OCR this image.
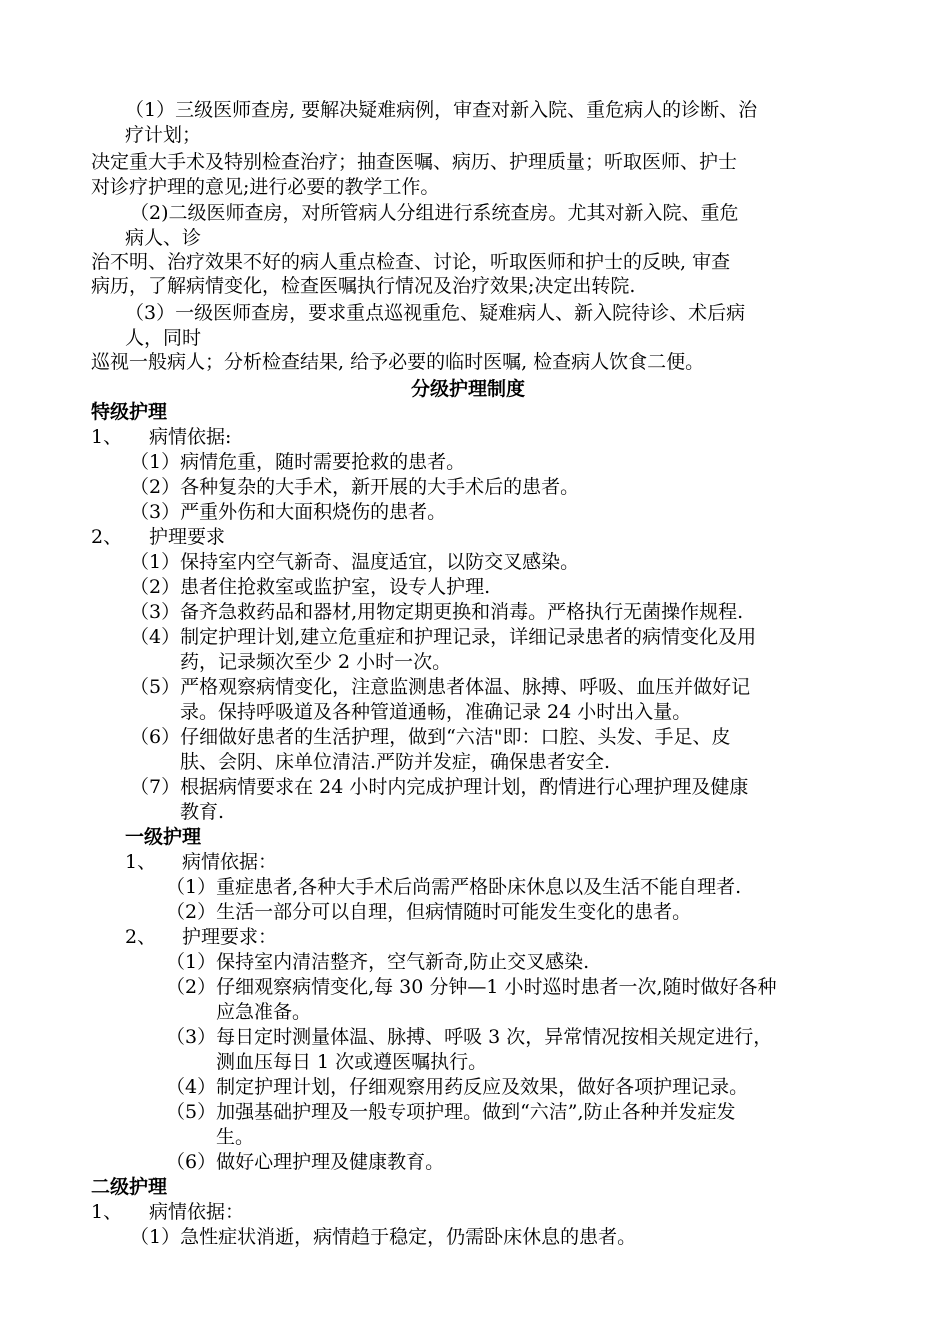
（1）三级医师查房, 要解决疑难病例，审查对新入院、重危病人的诊断、治
疗计划；
决定重大手术及特别检查治疗；抽查医嘱、病历、护理质量；听取医师、护士
对诊疗护理的意见;进行必要的教学工作。
（2)二级医师查房，对所管病人分组进行系统查房。尤其对新入院、重危
病人、诊
治不明、治疗效果不好的病人重点检查、讨论，听取医师和护士的反映, 审查
病历，了解病情变化，检查医嘱执行情况及治疗效果;决定出转院.
（3）一级医师查房，要求重点巡视重危、疑难病人、新入院待诊、术后病
人，同时
巡视一般病人；分析检查结果, 给予必要的临时医嘱, 检查病人饮食二便。
分级护理制度
特级护理
1、 病情依据:
（1）病情危重，随时需要抢救的患者。
（2）各种复杂的大手术，新开展的大手术后的患者。
（3）严重外伤和大面积烧伤的患者。
2、 护理要求
（1）保持室内空气新奇、温度适宜，以防交叉感染。
（2）患者住抢救室或监护室，设专人护理.
（3）备齐急救药品和器材,用物定期更换和消毒。严格执行无菌操作规程.
（4）制定护理计划,建立危重症和护理记录，详细记录患者的病情变化及用
药，记录频次至少 2 小时一次。
（5）严格观察病情变化，注意监测患者体温、脉搏、呼吸、血压并做好记
录。保持呼吸道及各种管道通畅，准确记录 24 小时出入量。
（6）仔细做好患者的生活护理，做到“六洁"即：口腔、头发、手足、皮
肤、会阴、床单位清洁.严防并发症，确保患者安全.
（7）根据病情要求在 24 小时内完成护理计划，酌情进行心理护理及健康
教育.
一级护理
1、 病情依据：
（1）重症患者,各种大手术后尚需严格卧床休息以及生活不能自理者.
（2）生活一部分可以自理，但病情随时可能发生变化的患者。
2、 护理要求：
（1）保持室内清洁整齐，空气新奇,防止交叉感染.
（2）仔细观察病情变化,每 30 分钟—1 小时巡时患者一次,随时做好各种
应急准备。
（3）每日定时测量体温、脉搏、呼吸 3 次，异常情况按相关规定进行，
测血压每日 1 次或遵医嘱执行。
（4）制定护理计划，仔细观察用药反应及效果，做好各项护理记录。
（5）加强基础护理及一般专项护理。做到“六洁”,防止各种并发症发
生。
（6）做好心理护理及健康教育。
二级护理
1、 病情依据：
（1）急性症状消逝，病情趋于稳定，仍需卧床休息的患者。
